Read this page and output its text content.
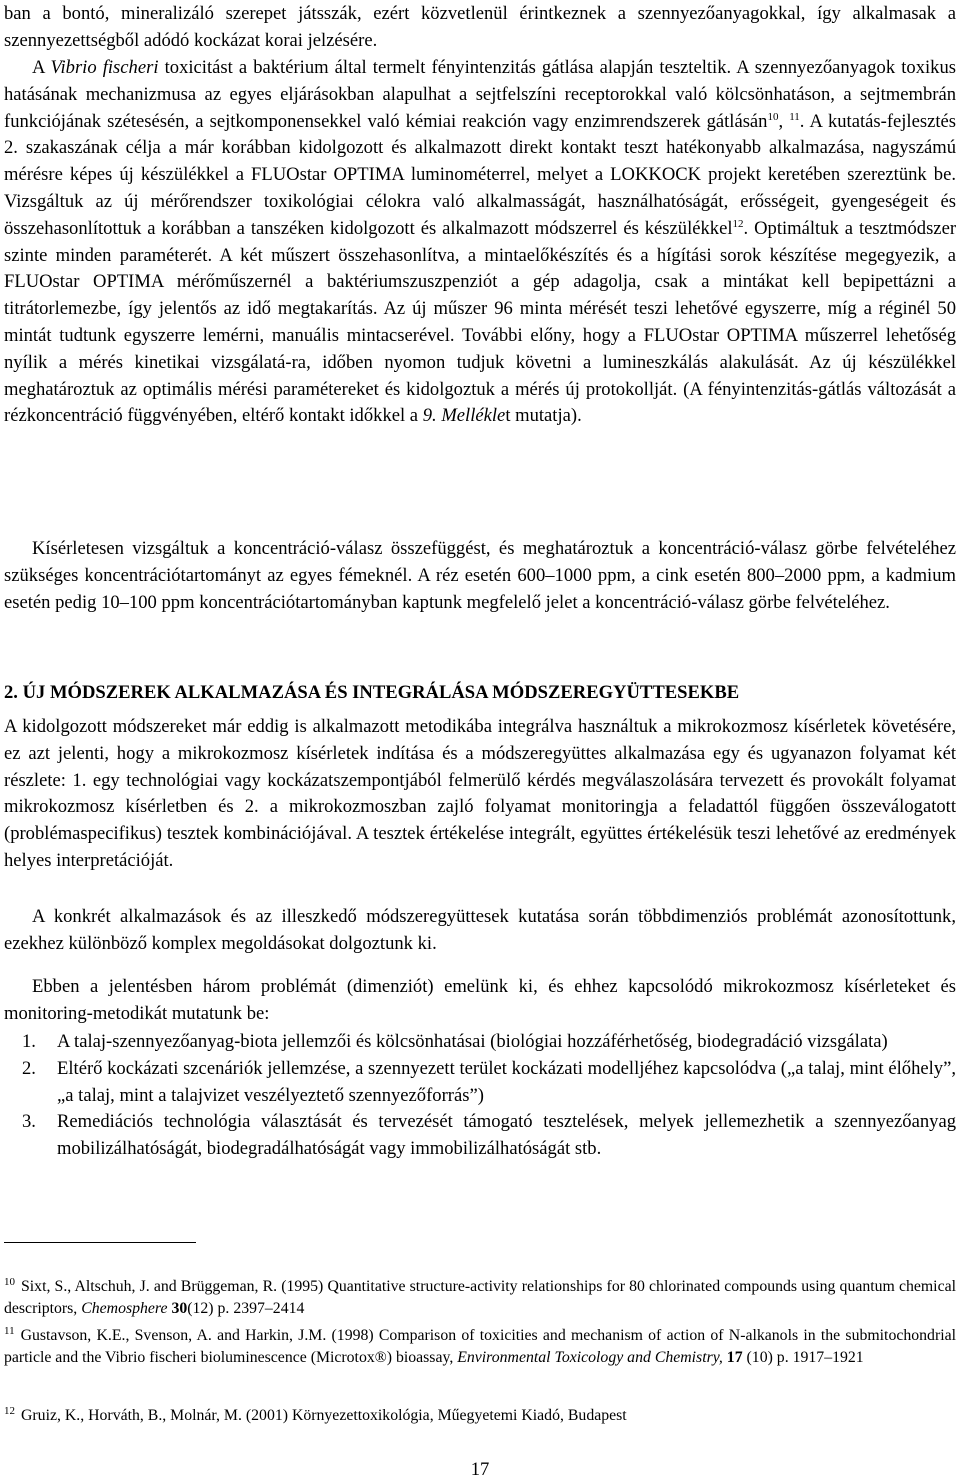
ban a bontó, mineralizáló szerepet játsszák, ezért közvetlenül érintkeznek a szennyezőanyagokkal, így alkalmasak a szennyezettségből adódó kockázat korai jelzésére.

A Vibrio fischeri toxicitást a baktérium által termelt fényintenzitás gátlása alapján teszteltik. A szennyezőanyagok toxikus hatásának mechanizmusa az egyes eljárásokban alapulhat a sejtfelszíni receptorokkal való kölcsönhatáson, a sejtmembrán funkciójának szétesésén, a sejtkomponensekkel való kémiai reakción vagy enzimrendszerek gátlásán$^{10}$, $^{11}$. A kutatás-fejlesztés 2. szakaszának célja a már korábban kidolgozott és alkalmazott direkt kontakt teszt hatékonyabb alkalmazása, nagyszámú mérésre képes új készülékkel a FLUOstar OPTIMA luminométerrel, melyet a LOKKOCK projekt keretében szereztünk be. Vizsgáltuk az új mérőrendszer toxikológiai célokra való alkalmasságát, használhatóságát, erősségeit, gyengeségeit és összehasonlítottuk a korábban a tanszéken kidolgozott és alkalmazott módszerrel és készülékkel$^{12}$. Optimáltuk a tesztmódszer szinte minden paraméterét. A két műszert összehasonlítva, a mintaelőkészítés és a hígítási sorok készítése megegyezik, a FLUOstar OPTIMA mérőműszernél a baktériumszuszpenziót a gép adagolja, csak a mintákat kell bepipettázni a titrátorlemezbe, így jelentős az idő megtakarítás. Az új műszer 96 minta mérését teszi lehetővé egyszerre, míg a réginél 50 mintát tudtunk egyszerre lemérni, manuális mintacserével. További előny, hogy a FLUOstar OPTIMA műszerrel lehetőség nyílik a mérés kinetikai vizsgálatá-ra, időben nyomon tudjuk követni a lumineszkálás alakulását. Az új készülékkel meghatároztuk az optimális mérési paramétereket és kidolgoztuk a mérés új protokollját. (A fényintenzitás-gátlás változását a rézkoncentráció függvényében, eltérő kontakt időkkel a 9. Melléklet mutatja).

Kísérletesen vizsgáltuk a koncentráció-válasz összefüggést, és meghatároztuk a koncentráció-válasz görbe felvételéhez szükséges koncentrációtartományt az egyes fémeknél. A réz esetén 600–1000 ppm, a cink esetén 800–2000 ppm, a kadmium esetén pedig 10–100 ppm koncentrációtartományban kaptunk megfelelő jelet a koncentráció-válasz görbe felvételéhez.

2. ÚJ MÓDSZEREK ALKALMAZÁSA ÉS INTEGRÁLÁSA MÓDSZEREGYÜTTESEKBE

A kidolgozott módszereket már eddig is alkalmazott metodikába integrálva használtuk a mikrokozmosz kísérletek követésére, ez azt jelenti, hogy a mikrokozmosz kísérletek indítása és a módszeregyüttes alkalmazása egy és ugyanazon folyamat két részlete: 1. egy technológiai vagy kockázatszempontjából felmerülő kérdés megválaszolására tervezett és provokált folyamat mikrokozmosz kísérletben és 2. a mikrokozmoszban zajló folyamat monitoringja a feladattól függően összeválogatott (problémaspecifikus) tesztek kombinációjával. A tesztek értékelése integrált, együttes értékelésük teszi lehetővé az eredmények helyes interpretációját.

A konkrét alkalmazások és az illeszkedő módszeregyüttesek kutatása során többdimenziós problémát azonosítottunk, ezekhez különböző komplex megoldásokat dolgoztunk ki.

Ebben a jelentésben három problémát (dimenziót) emelünk ki, és ehhez kapcsolódó mikrokozmosz kísérleteket és monitoring-metodikát mutatunk be:

1. A talaj-szennyezőanyag-biota jellemzői és kölcsönhatásai (biológiai hozzáférhetőség, biodegradáció vizsgálata)
2. Eltérő kockázati szcenáriók jellemzése, a szennyezett terület kockázati modelljéhez kapcsolódva („a talaj, mint élőhely”, „a talaj, mint a talajvizet veszélyeztető szennyezőforrás”)
3. Remediációs technológia választását és tervezését támogató tesztelések, melyek jellemezhetik a szennyezőanyag mobilizálhatóságát, biodegradálhatóságát vagy immobilizálhatóságát stb.

$^{10}$ Sixt, S., Altschuh, J. and Brüggeman, R. (1995) Quantitative structure-activity relationships for 80 chlorinated compounds using quantum chemical descriptors, Chemosphere 30(12) p. 2397–2414

$^{11}$ Gustavson, K.E., Svenson, A. and Harkin, J.M. (1998) Comparison of toxicities and mechanism of action of N-alkanols in the submitochondrial particle and the Vibrio fischeri bioluminescence (Microtox®) bioassay, Environmental Toxicology and Chemistry, 17 (10) p. 1917–1921

$^{12}$ Gruiz, K., Horváth, B., Molnár, M. (2001) Környezettoxikológia, Műegyetemi Kiadó, Budapest

17
